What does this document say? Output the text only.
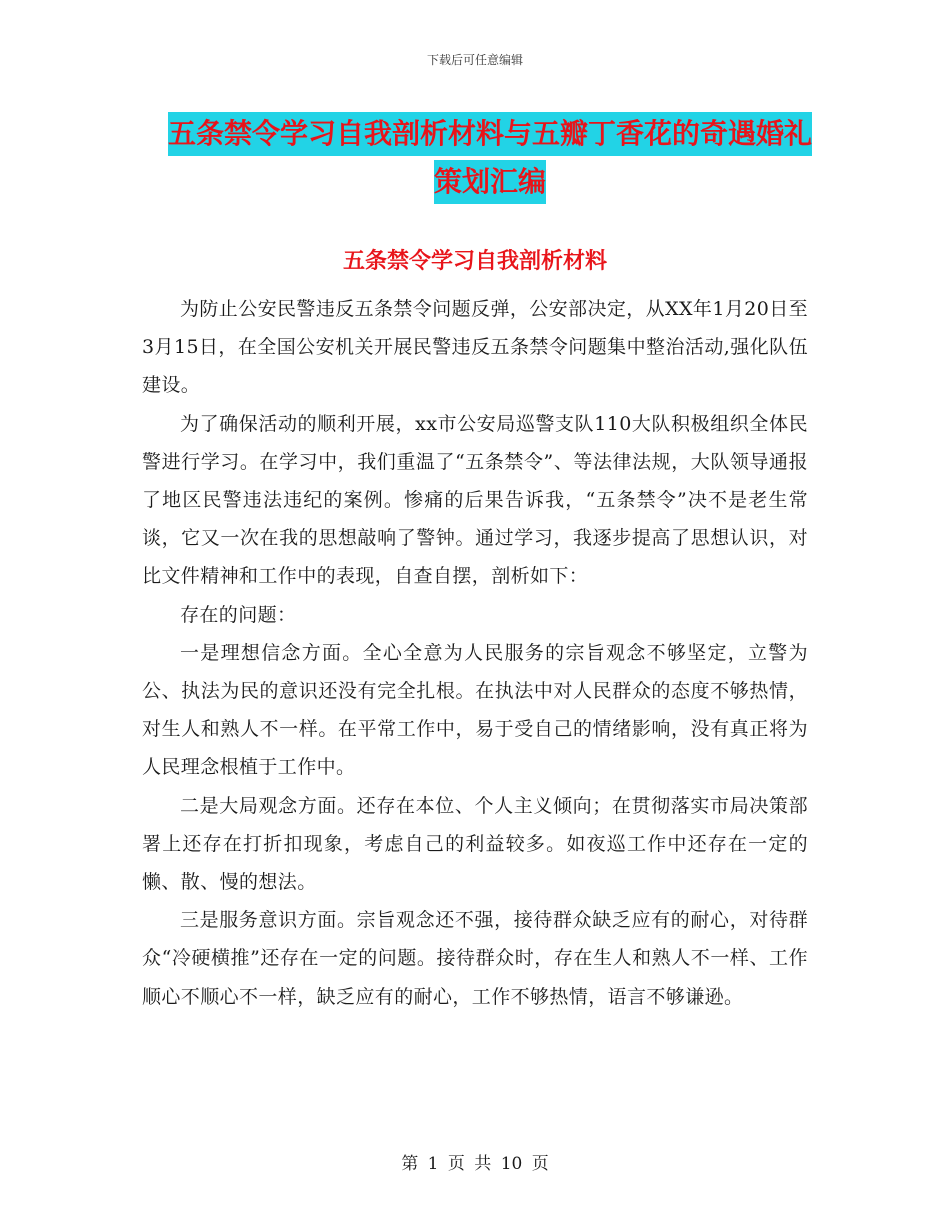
下载后可任意编辑
五条禁令学习自我剖析材料与五瓣丁香花的奇遇婚礼
策划汇编
五条禁令学习自我剖析材料

为防止公安民警违反五条禁令问题反弹，公安部决定，从XX年1月20日至3月15日，在全国公安机关开展民警违反五条禁令问题集中整治活动,强化队伍建设。

为了确保活动的顺利开展，xx市公安局巡警支队110大队积极组织全体民警进行学习。在学习中，我们重温了“五条禁令”、等法律法规，大队领导通报了地区民警违法违纪的案例。惨痛的后果告诉我，“五条禁令”决不是老生常谈，它又一次在我的思想敲响了警钟。通过学习，我逐步提高了思想认识，对比文件精神和工作中的表现，自查自摆，剖析如下：

存在的问题：

一是理想信念方面。全心全意为人民服务的宗旨观念不够坚定，立警为公、执法为民的意识还没有完全扎根。在执法中对人民群众的态度不够热情，对生人和熟人不一样。在平常工作中，易于受自己的情绪影响，没有真正将为人民理念根植于工作中。

二是大局观念方面。还存在本位、个人主义倾向；在贯彻落实市局决策部署上还存在打折扣现象，考虑自己的利益较多。如夜巡工作中还存在一定的懒、散、慢的想法。

三是服务意识方面。宗旨观念还不强，接待群众缺乏应有的耐心，对待群众“冷硬横推”还存在一定的问题。接待群众时，存在生人和熟人不一样、工作顺心不顺心不一样，缺乏应有的耐心，工作不够热情，语言不够谦逊。

第 1 页 共 10 页
